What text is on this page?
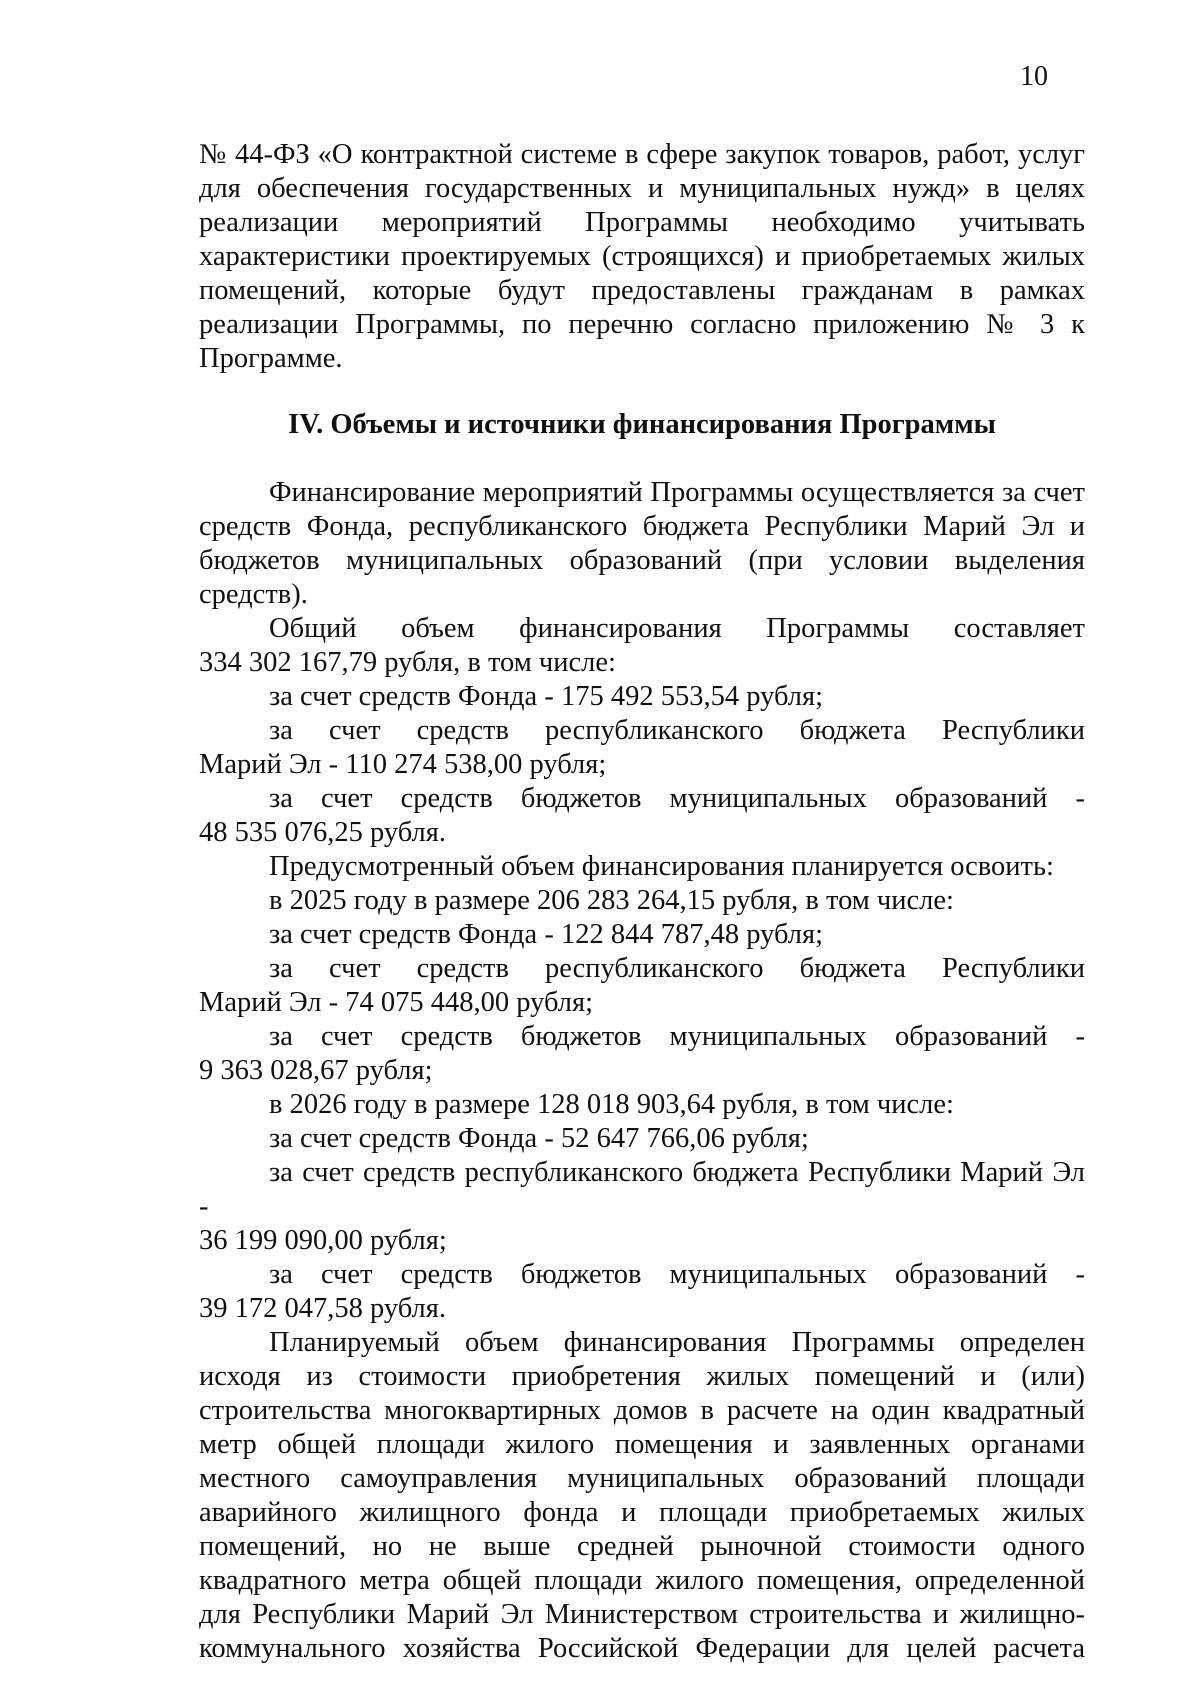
10

№ 44-ФЗ «О контрактной системе в сфере закупок товаров, работ, услуг для обеспечения государственных и муниципальных нужд» в целях реализации мероприятий Программы необходимо учитывать характеристики проектируемых (строящихся) и приобретаемых жилых помещений, которые будут предоставлены гражданам в рамках реализации Программы, по перечню согласно приложению № 3 к Программе.

IV. Объемы и источники финансирования Программы

Финансирование мероприятий Программы осуществляется за счет средств Фонда, республиканского бюджета Республики Марий Эл и бюджетов муниципальных образований (при условии выделения средств).

Общий объем финансирования Программы составляет

334 302 167,79 рубля, в том числе:

за счет средств Фонда - 175 492 553,54 рубля;

за счет средств республиканского бюджета Республики

Марий Эл - 110 274 538,00 рубля;

за счет средств бюджетов муниципальных образований -

48 535 076,25 рубля.

Предусмотренный объем финансирования планируется освоить:

в 2025 году в размере 206 283 264,15 рубля, в том числе:

за счет средств Фонда - 122 844 787,48 рубля;

за счет средств республиканского бюджета Республики

Марий Эл - 74 075 448,00 рубля;

за счет средств бюджетов муниципальных образований -

9 363 028,67 рубля;

в 2026 году в размере 128 018 903,64 рубля, в том числе:

за счет средств Фонда - 52 647 766,06 рубля;

за счет средств республиканского бюджета Республики Марий Эл -

36 199 090,00 рубля;

за счет средств бюджетов муниципальных образований -

39 172 047,58 рубля.

Планируемый объем финансирования Программы определен исходя из стоимости приобретения жилых помещений и (или) строительства многоквартирных домов в расчете на один квадратный метр общей площади жилого помещения и заявленных органами местного самоуправления муниципальных образований площади аварийного жилищного фонда и площади приобретаемых жилых помещений, но не выше средней рыночной стоимости одного квадратного метра общей площади жилого помещения, определенной для Республики Марий Эл Министерством строительства и жилищно-коммунального хозяйства Российской Федерации для целей расчета
